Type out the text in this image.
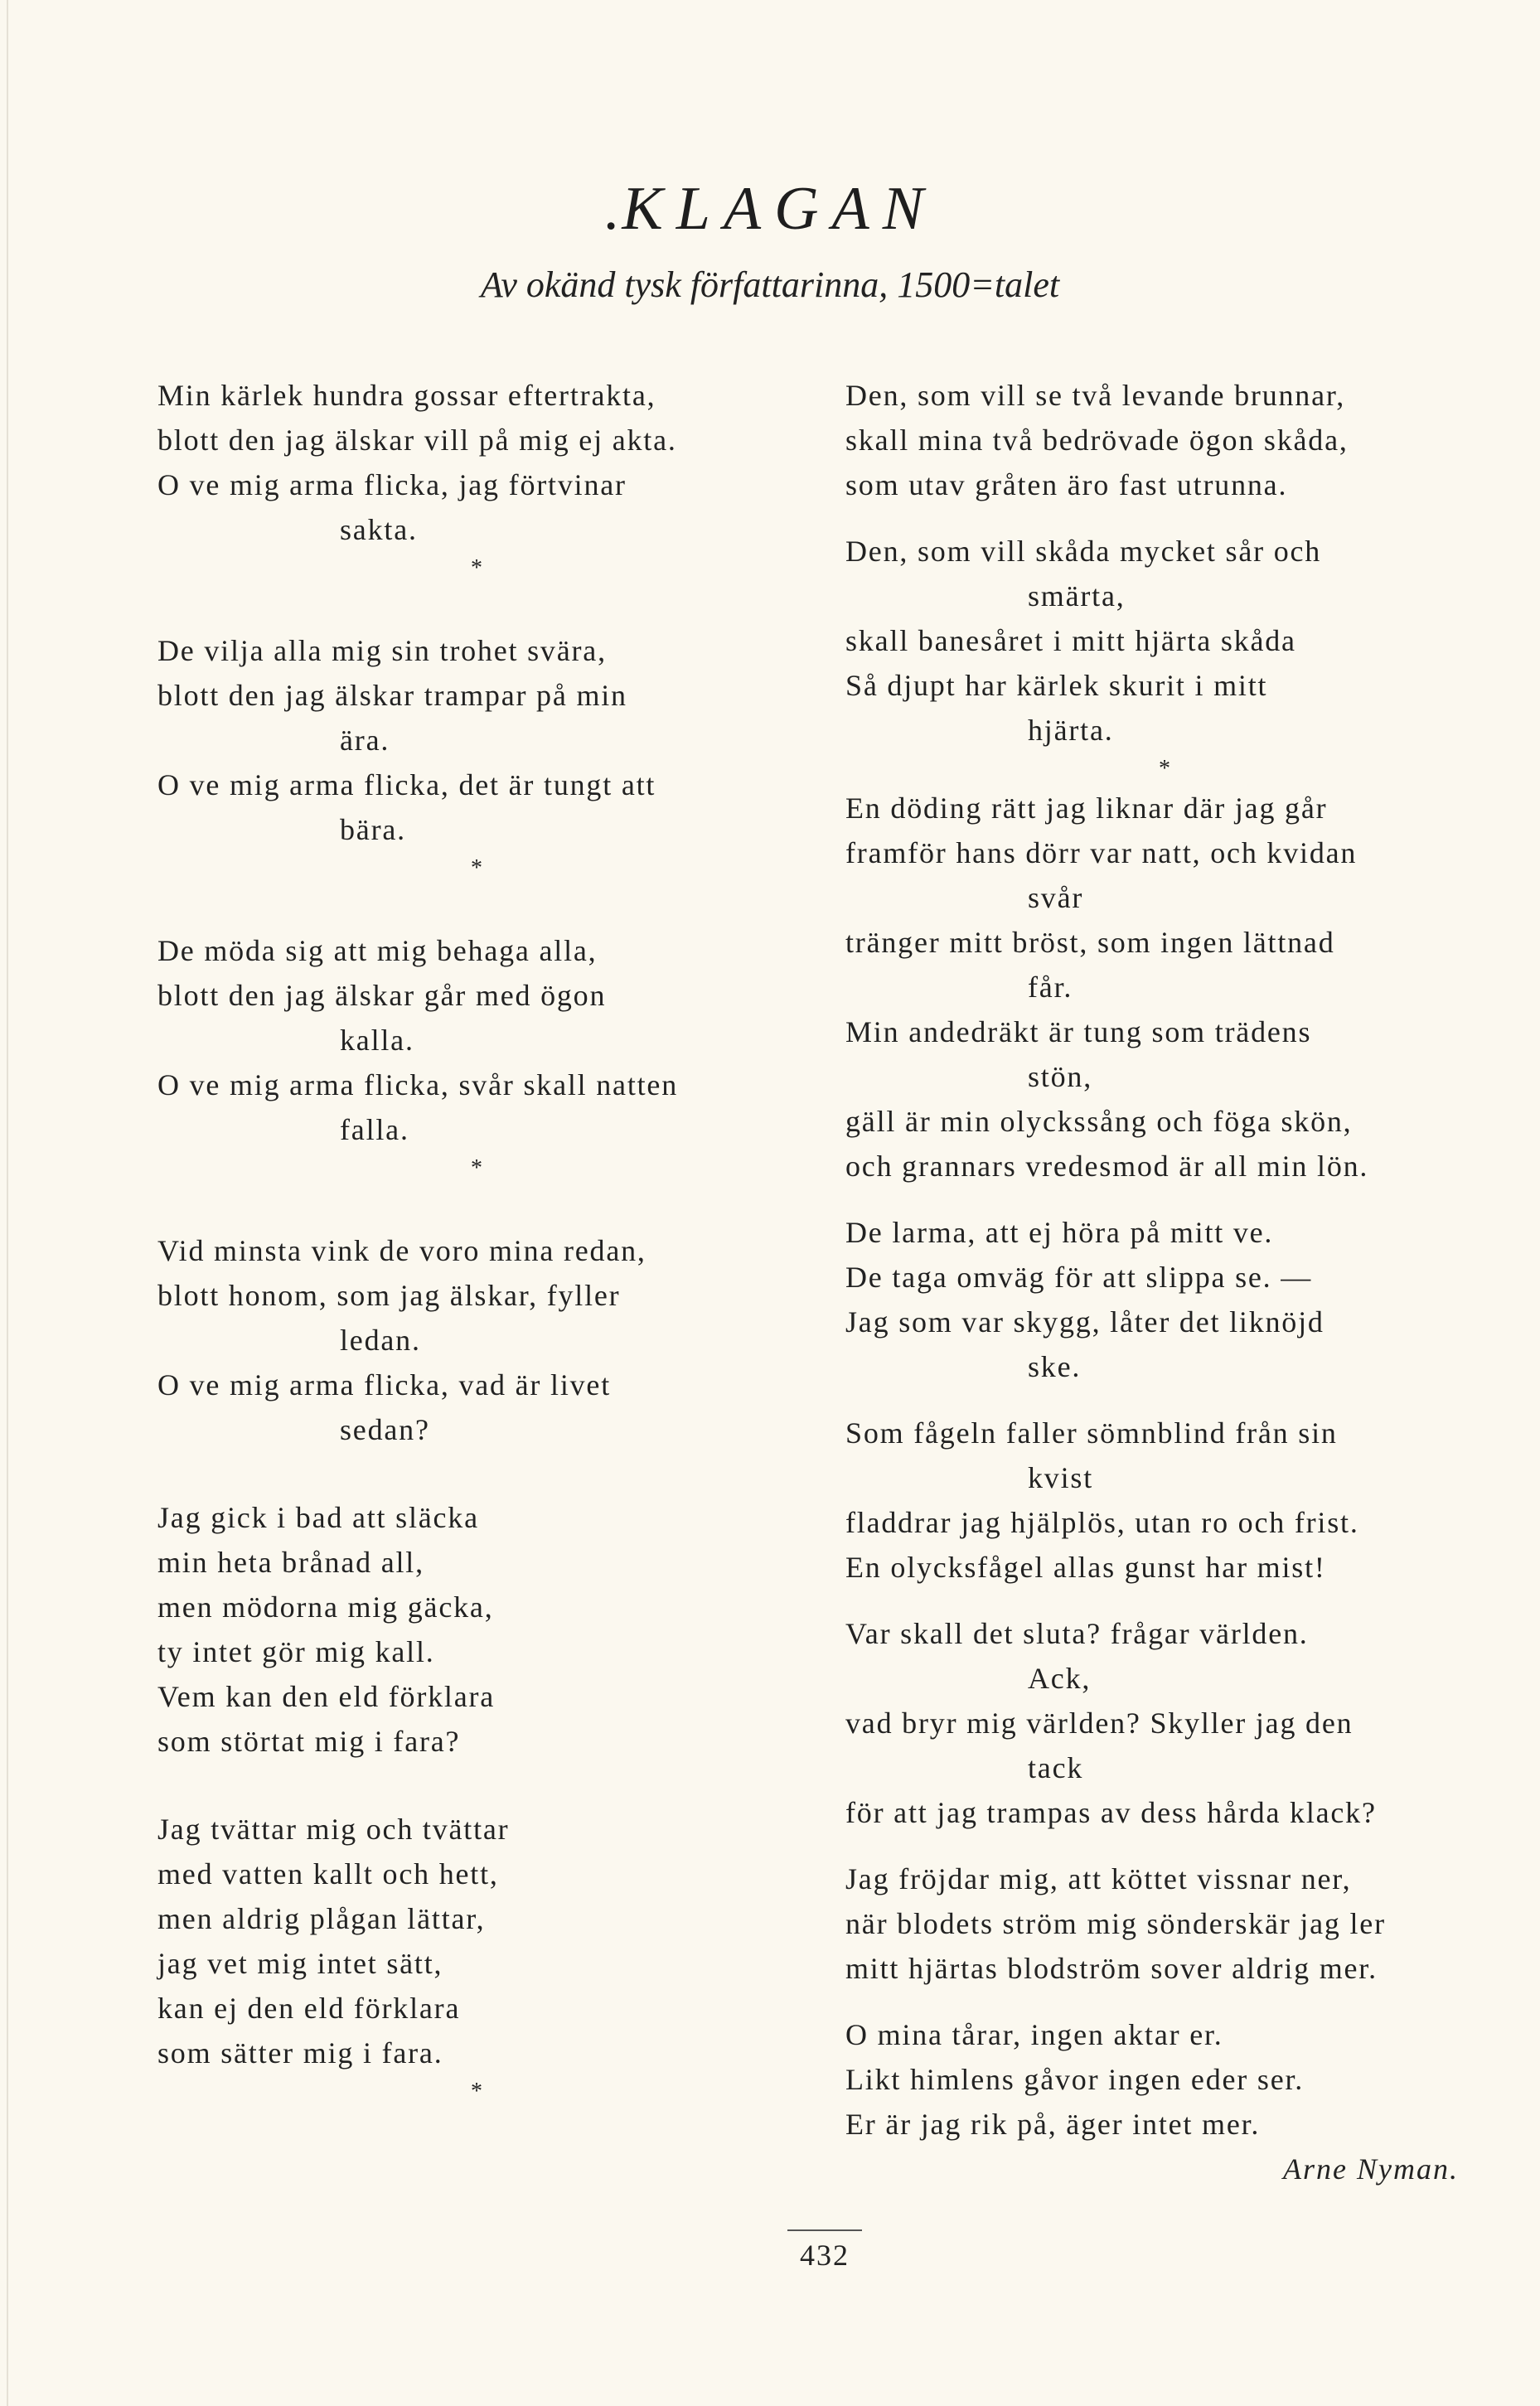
.KLAGAN
Av okänd tysk författarinna, 1500=talet
Min kärlek hundra gossar eftertrakta,
blott den jag älskar vill på mig ej akta.
O ve mig arma flicka, jag förtvinar
sakta.
*
De vilja alla mig sin trohet svära,
blott den jag älskar trampar på min
ära.
O ve mig arma flicka, det är tungt att
bära.
*
De möda sig att mig behaga alla,
blott den jag älskar går med ögon
kalla.
O ve mig arma flicka, svår skall natten
falla.
*
Vid minsta vink de voro mina redan,
blott honom, som jag älskar, fyller
ledan.
O ve mig arma flicka, vad är livet
sedan?
Jag gick i bad att släcka
min heta brånad all,
men mödorna mig gäcka,
ty intet gör mig kall.
Vem kan den eld förklara
som störtat mig i fara?
Jag tvättar mig och tvättar
med vatten kallt och hett,
men aldrig plågan lättar,
jag vet mig intet sätt,
kan ej den eld förklara
som sätter mig i fara.
*
Den, som vill se två levande brunnar,
skall mina två bedrövade ögon skåda,
som utav gråten äro fast utrunna.
Den, som vill skåda mycket sår och
smärta,
skall banesåret i mitt hjärta skåda
Så djupt har kärlek skurit i mitt
hjärta.
*
En döding rätt jag liknar där jag går
framför hans dörr var natt, och kvidan
svår
tränger mitt bröst, som ingen lättnad
får.
Min andedräkt är tung som trädens
stön,
gäll är min olyckssång och föga skön,
och grannars vredesmod är all min lön.
De larma, att ej höra på mitt ve.
De taga omväg för att slippa se. —
Jag som var skygg, låter det liknöjd
ske.
Som fågeln faller sömnblind från sin
kvist
fladdrar jag hjälplös, utan ro och frist.
En olycksfågel allas gunst har mist!
Var skall det sluta? frågar världen.
Ack,
vad bryr mig världen? Skyller jag den
tack
för att jag trampas av dess hårda klack?
Jag fröjdar mig, att köttet vissnar ner,
när blodets ström mig sönderskär jag ler
mitt hjärtas blodström sover aldrig mer.
O mina tårar, ingen aktar er.
Likt himlens gåvor ingen eder ser.
Er är jag rik på, äger intet mer.
Arne Nyman.
432
